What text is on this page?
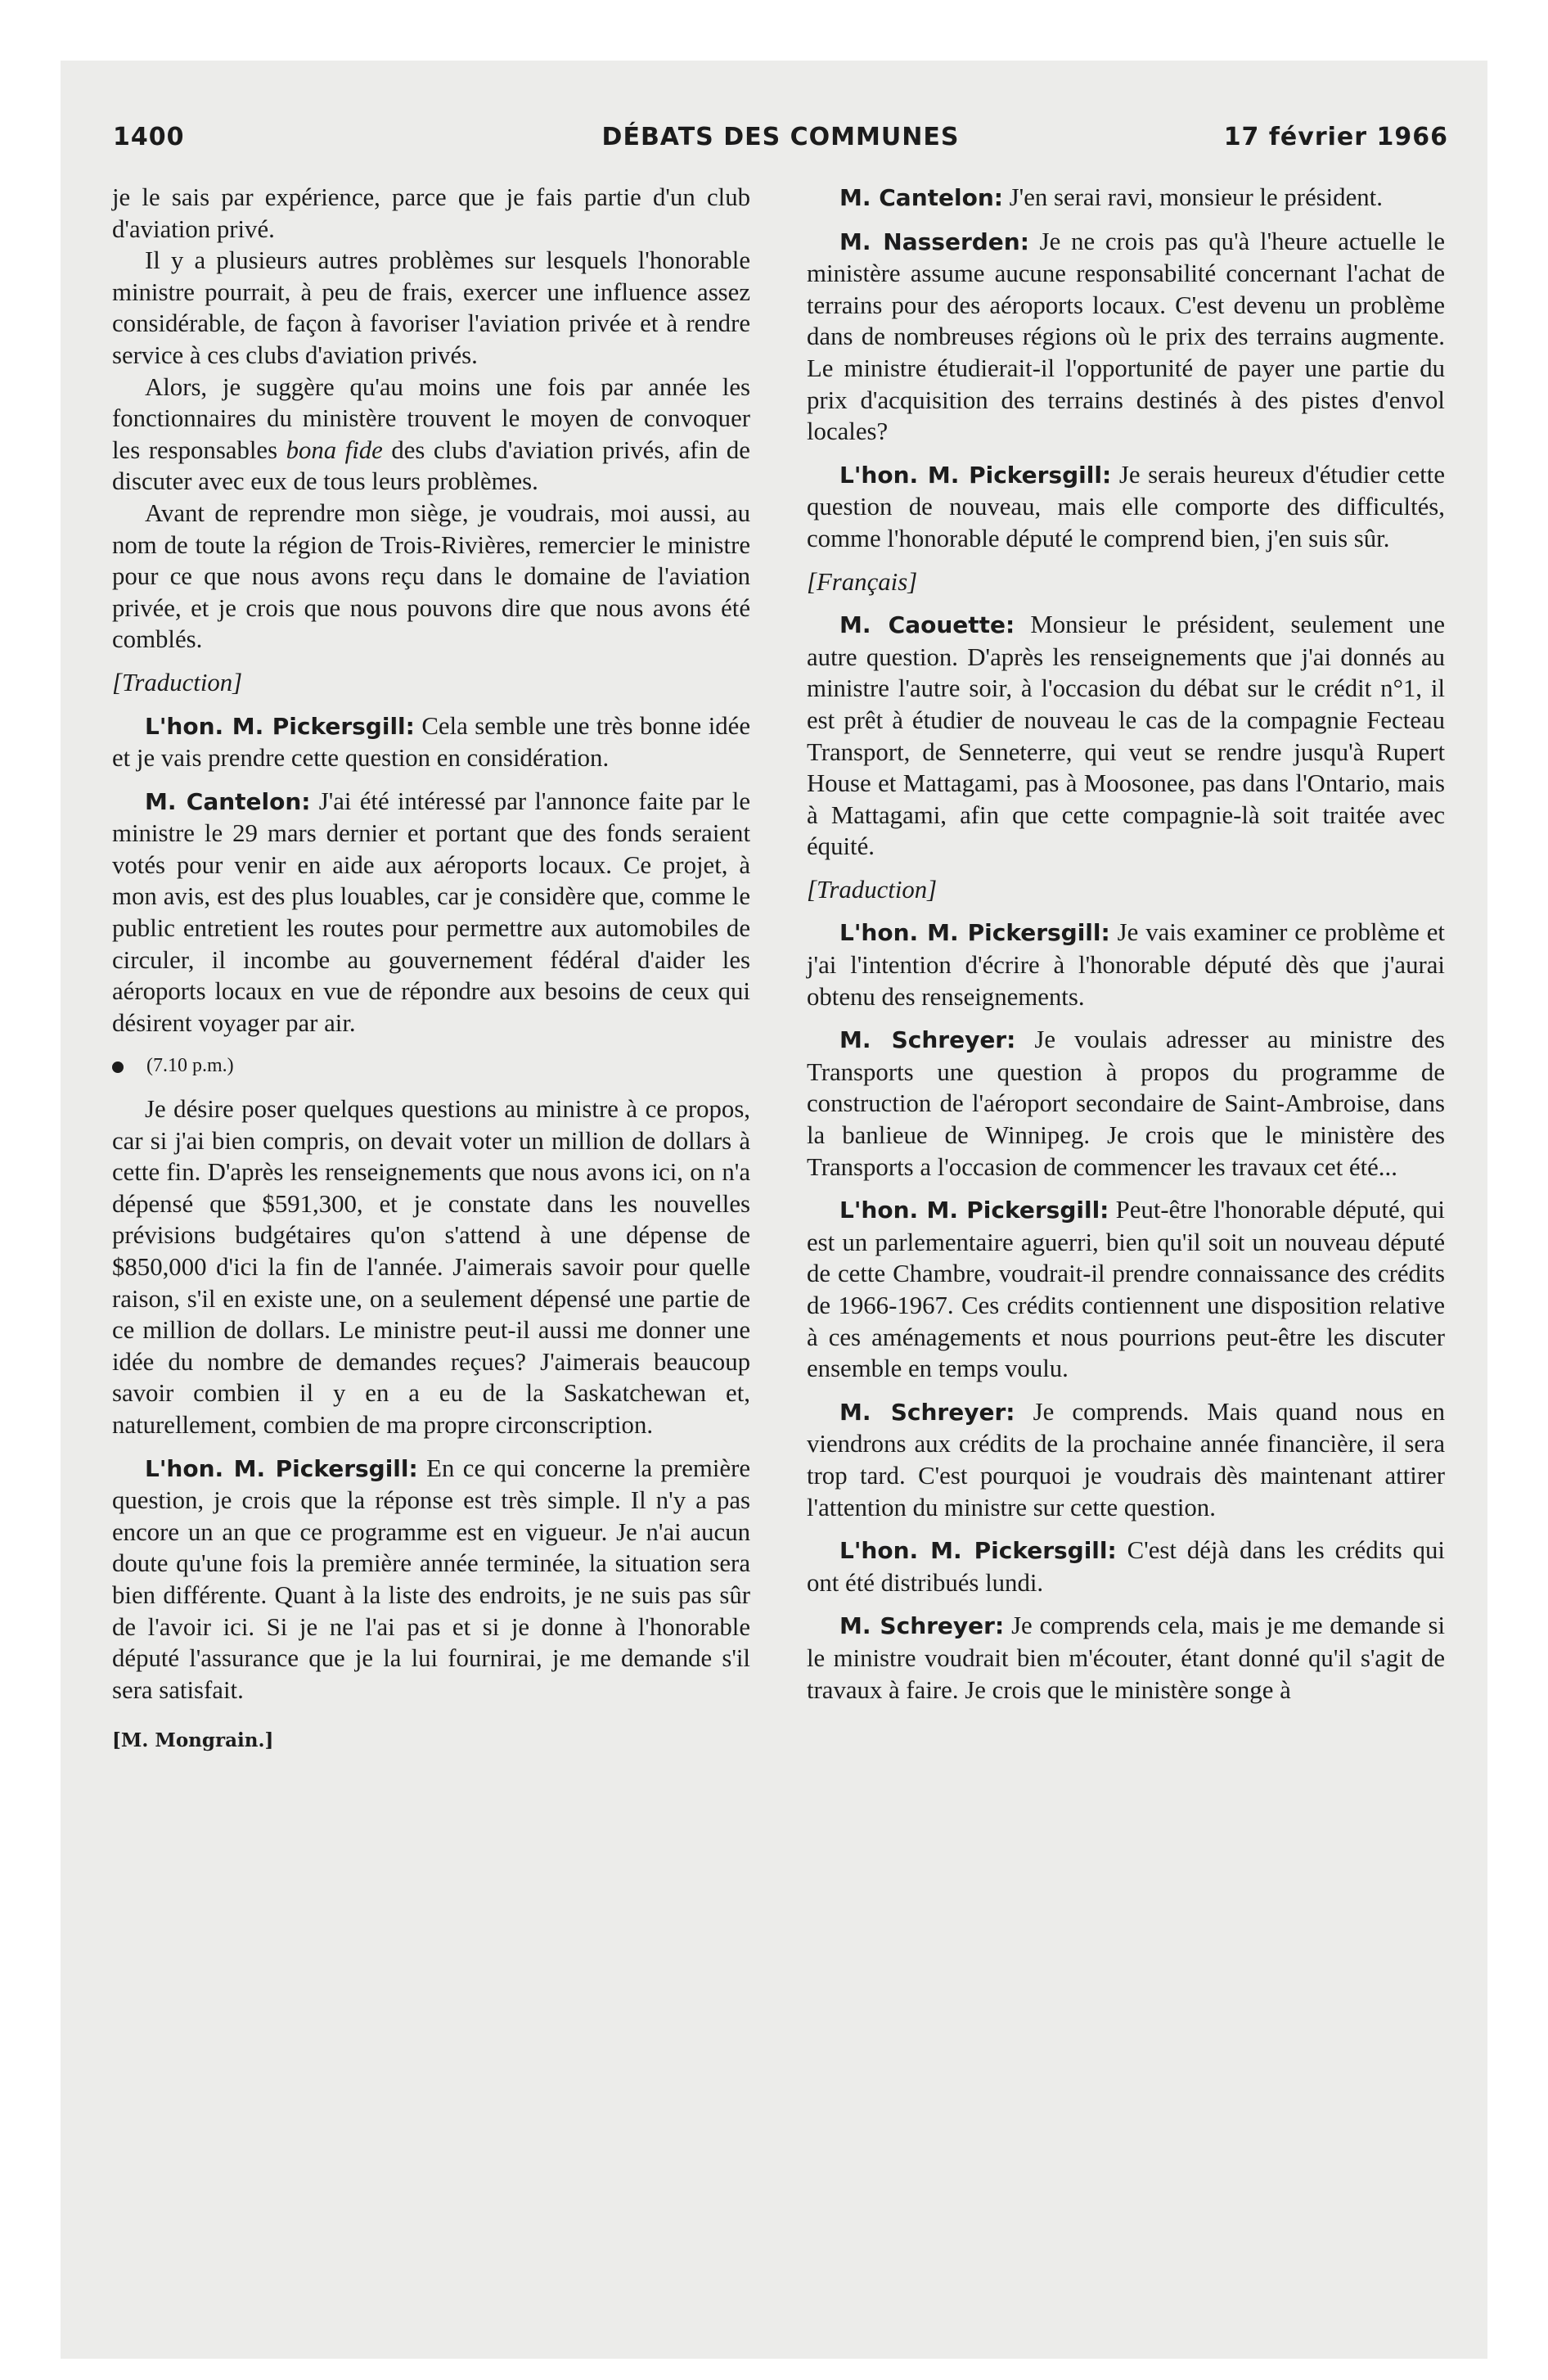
1400	DÉBATS DES COMMUNES	17 février 1966

je le sais par expérience, parce que je fais partie d'un club d'aviation privé.

Il y a plusieurs autres problèmes sur lesquels l'honorable ministre pourrait, à peu de frais, exercer une influence assez considérable, de façon à favoriser l'aviation privée et à rendre service à ces clubs d'aviation privés.

Alors, je suggère qu'au moins une fois par année les fonctionnaires du ministère trouvent le moyen de convoquer les responsables bona fide des clubs d'aviation privés, afin de discuter avec eux de tous leurs problèmes.

Avant de reprendre mon siège, je voudrais, moi aussi, au nom de toute la région de Trois-Rivières, remercier le ministre pour ce que nous avons reçu dans le domaine de l'aviation privée, et je crois que nous pouvons dire que nous avons été comblés.

[Traduction]

L'hon. M. Pickersgill: Cela semble une très bonne idée et je vais prendre cette question en considération.

M. Cantelon: J'ai été intéressé par l'annonce faite par le ministre le 29 mars dernier et portant que des fonds seraient votés pour venir en aide aux aéroports locaux. Ce projet, à mon avis, est des plus louables, car je considère que, comme le public entretient les routes pour permettre aux automobiles de circuler, il incombe au gouvernement fédéral d'aider les aéroports locaux en vue de répondre aux besoins de ceux qui désirent voyager par air.

(7.10 p.m.)

Je désire poser quelques questions au ministre à ce propos, car si j'ai bien compris, on devait voter un million de dollars à cette fin. D'après les renseignements que nous avons ici, on n'a dépensé que $591,300, et je constate dans les nouvelles prévisions budgétaires qu'on s'attend à une dépense de $850,000 d'ici la fin de l'année. J'aimerais savoir pour quelle raison, s'il en existe une, on a seulement dépensé une partie de ce million de dollars. Le ministre peut-il aussi me donner une idée du nombre de demandes reçues? J'aimerais beaucoup savoir combien il y en a eu de la Saskatchewan et, naturellement, combien de ma propre circonscription.

L'hon. M. Pickersgill: En ce qui concerne la première question, je crois que la réponse est très simple. Il n'y a pas encore un an que ce programme est en vigueur. Je n'ai aucun doute qu'une fois la première année terminée, la situation sera bien différente. Quant à la liste des endroits, je ne suis pas sûr de l'avoir ici. Si je ne l'ai pas et si je donne à l'honorable député l'assurance que je la lui fournirai, je me demande s'il sera satisfait.

[M. Mongrain.]

M. Cantelon: J'en serai ravi, monsieur le président.

M. Nasserden: Je ne crois pas qu'à l'heure actuelle le ministère assume aucune responsabilité concernant l'achat de terrains pour des aéroports locaux. C'est devenu un problème dans de nombreuses régions où le prix des terrains augmente. Le ministre étudierait-il l'opportunité de payer une partie du prix d'acquisition des terrains destinés à des pistes d'envol locales?

L'hon. M. Pickersgill: Je serais heureux d'étudier cette question de nouveau, mais elle comporte des difficultés, comme l'honorable député le comprend bien, j'en suis sûr.

[Français]

M. Caouette: Monsieur le président, seulement une autre question. D'après les renseignements que j'ai donnés au ministre l'autre soir, à l'occasion du débat sur le crédit n°1, il est prêt à étudier de nouveau le cas de la compagnie Fecteau Transport, de Senneterre, qui veut se rendre jusqu'à Rupert House et Mattagami, pas à Moosonee, pas dans l'Ontario, mais à Mattagami, afin que cette compagnie-là soit traitée avec équité.

[Traduction]

L'hon. M. Pickersgill: Je vais examiner ce problème et j'ai l'intention d'écrire à l'honorable député dès que j'aurai obtenu des renseignements.

M. Schreyer: Je voulais adresser au ministre des Transports une question à propos du programme de construction de l'aéroport secondaire de Saint-Ambroise, dans la banlieue de Winnipeg. Je crois que le ministère des Transports a l'occasion de commencer les travaux cet été...

L'hon. M. Pickersgill: Peut-être l'honorable député, qui est un parlementaire aguerri, bien qu'il soit un nouveau député de cette Chambre, voudrait-il prendre connaissance des crédits de 1966-1967. Ces crédits contiennent une disposition relative à ces aménagements et nous pourrions peut-être les discuter ensemble en temps voulu.

M. Schreyer: Je comprends. Mais quand nous en viendrons aux crédits de la prochaine année financière, il sera trop tard. C'est pourquoi je voudrais dès maintenant attirer l'attention du ministre sur cette question.

L'hon. M. Pickersgill: C'est déjà dans les crédits qui ont été distribués lundi.

M. Schreyer: Je comprends cela, mais je me demande si le ministre voudrait bien m'écouter, étant donné qu'il s'agit de travaux à faire. Je crois que le ministère songe à
